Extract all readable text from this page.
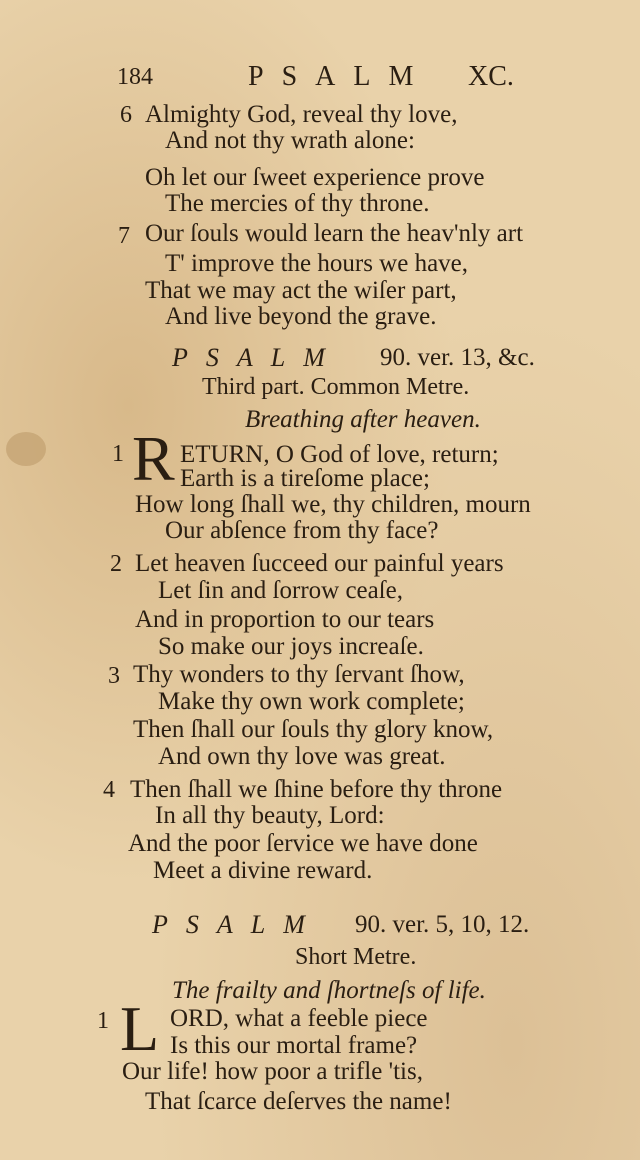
184	PSALM XC.
6 Almighty God, reveal thy love,
And not thy wrath alone:
Oh let our ſweet experience prove
The mercies of thy throne.
7 Our ſouls would learn the heav'nly art
T' improve the hours we have,
That we may act the wiſer part,
And live beyond the grave.
PSALM 90. ver. 13, &c.
Third part. Common Metre.
Breathing after heaven.
1 R ETURN, O God of love, return;
Earth is a tireſome place;
How long ſhall we, thy children, mourn
Our abſence from thy face?
2 Let heaven ſucceed our painful years
Let ſin and ſorrow ceaſe,
And in proportion to our tears
So make our joys increaſe.
3 Thy wonders to thy ſervant ſhow,
Make thy own work complete;
Then ſhall our ſouls thy glory know,
And own thy love was great.
4 Then ſhall we ſhine before thy throne
In all thy beauty, Lord:
And the poor ſervice we have done
Meet a divine reward.
PSALM 90. ver. 5, 10, 12.
Short Metre.
The frailty and ſhortneſs of life.
1 L ORD, what a feeble piece
Is this our mortal frame?
Our life! how poor a trifle 'tis,
That ſcarce deſerves the name!
